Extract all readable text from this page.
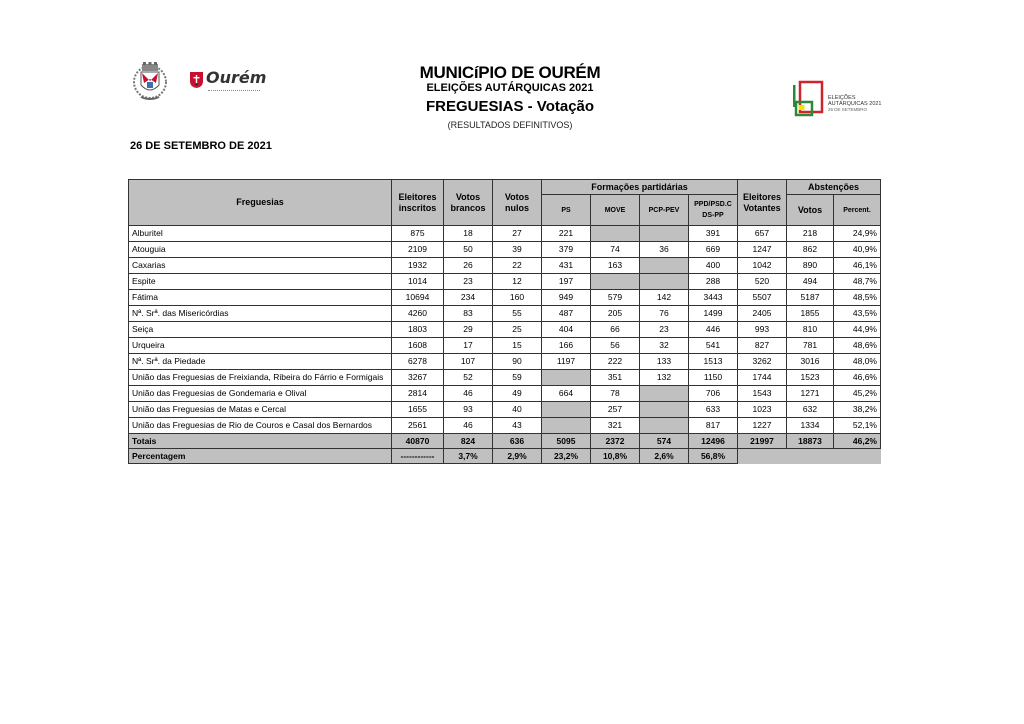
Ourém	MUNICíPIO DE OURÉM
ELEIÇÕES AUTÁRQUICAS 2021
FREGUESIAS - Votação
(RESULTADOS DEFINITIVOS)
ELEIÇÕES
AUTÁRQUICAS 2021
26 DE SETEMBRO
26 DE SETEMBRO DE 2021
Freguesias	Eleitores inscritos	Votos brancos	Votos nulos	Formações partidárias				Eleitores Votantes	Abstenções	
				PS	MOVE	PCP-PEV	PPD/PSD.C DS-PP		Votos	Percent.
Alburitel	875	18	27	221			391	657	218	24,9%
Atouguia	2109	50	39	379	74	36	669	1247	862	40,9%
Caxarias	1932	26	22	431	163		400	1042	890	46,1%
Espite	1014	23	12	197			288	520	494	48,7%
Fátima	10694	234	160	949	579	142	3443	5507	5187	48,5%
Nª. Srª. das Misericórdias	4260	83	55	487	205	76	1499	2405	1855	43,5%
Seiça	1803	29	25	404	66	23	446	993	810	44,9%
Urqueira	1608	17	15	166	56	32	541	827	781	48,6%
Nª. Srª. da Piedade	6278	107	90	1197	222	133	1513	3262	3016	48,0%
União das Freguesias de Freixianda, Ribeira do Fárrio e Formigais	3267	52	59		351	132	1150	1744	1523	46,6%
União das Freguesias de Gondemaria e Olival	2814	46	49	664	78		706	1543	1271	45,2%
União das Freguesias de Matas e Cercal	1655	93	40		257		633	1023	632	38,2%
União das Freguesias de Rio de Couros e Casal dos Bernardos	2561	46	43		321		817	1227	1334	52,1%
Totais	40870	824	636	5095	2372	574	12496	21997	18873	46,2%
Percentagem	------------	3,7%	2,9%	23,2%	10,8%	2,6%	56,8%			
